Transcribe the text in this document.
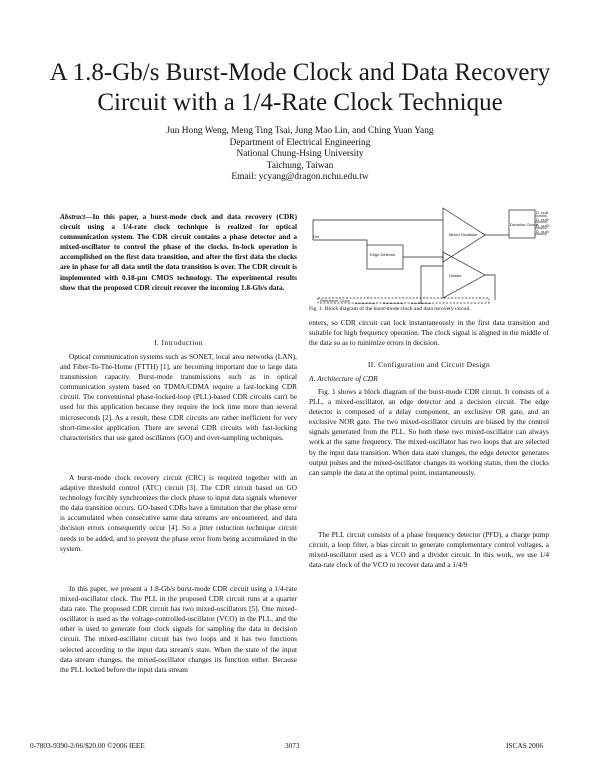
A 1.8-Gb/s Burst-Mode Clock and Data Recovery
Circuit with a 1/4-Rate Clock Technique
Jun Hong Weng, Meng Ting Tsai, Jung Mao Lin, and Ching Yuan Yang
Department of Electrical Engineering
National Chung-Hsing University
Taichung, Taiwan
Email: ycyang@dragon.nchu.edu.tw
Abstract—In this paper, a burst-mode clock and data recovery (CDR) circuit using a 1/4-rate clock technique is realized for optical communication system. The CDR circuit contains a phase detector and a mixed-oscillator to control the phase of the clocks. In-lock operation is accomplished on the first data transition, and after the first data the clocks are in phase for all data until the data transition is over. The CDR circuit is implemented with 0.18-µm CMOS technology. The experimental results show that the proposed CDR circuit recover the incoming 1.8-Gb/s data.
I. Introduction
Optical communication systems such as SONET, local area networks (LAN), and Fiber-To-The-Home (FTTH) [1], are becoming important due to large data transmission capacity. Burst-mode transmissions such as in optical communication system based on TDMA/CDMA require a fast-locking CDR circuit. The conventional phase-locked-loop (PLL)-based CDR circuits can't be used for this application because they require the lock time more than several microseconds [2]. As a result, these CDR circuits are rather inefficient for very short-time-slot application. There are several CDR circuits with fast-locking characteristics that use gated oscillators (GO) and over-sampling techniques.
A burst-mode clock recovery circuit (CRC) is required together with an adaptive threshold control (ATC) circuit [3]. The CDR circuit based on GO technology forcibly synchronizes the clock phase to input data signals whenever the data transition occurs. GO-based CDRs have a limitation that the phase error is accumulated when consecutive same data streams are encountered, and data decision errors consequently occur [4]. So a jitter reduction technique circuit needs to be added, and to prevent the phase error from being accumulated in the system.
In this paper, we present a 1.8-Gb/s burst-mode CDR circuit using a 1/4-rate mixed-oscillator clock. The PLL in the proposed CDR circuit runs at a quarter data rate. The proposed CDR circuit has two mixed-oscillators [5]. One mixed-oscillator is used as the voltage-controlled-oscillator (VCO) in the PLL, and the other is used to generate four clock signals for sampling the data in decision circuit. The mixed-oscillator circuit has two loops and it has two functions selected according to the input data stream's state. When the state of the input data stream changes, the mixed-oscillator changes its function either. Because the PLL locked before the input data stream
Din
Edge Detector
Mixed Oscillator
Decision Circuit
Reference Clock
Divider
D_out1
D_out2
D_out3
D_out4
Fig. 1. Block diagram of the burst-mode clock and data recovery circuit.
enters, so CDR circuit can lock instantaneously in the first data transition and suitable for high frequency operation. The clock signal is aligned in the middle of the data so as to minimize errors in decision.
II. Configuration and Circuit Design
A. Architecture of CDR
Fig. 1 shows a block diagram of the burst-mode CDR circuit. It consists of a PLL, a mixed-oscillator, an edge detector and a decision circuit. The edge detector is composed of a delay component, an exclusive OR gate, and an exclusive NOR gate. The two mixed-oscillator circuits are biased by the control signals generated from the PLL. So both these two mixed-oscillator can always work at the same frequency. The mixed-oscillator has two loops that are selected by the input data transition. When data state changes, the edge detector generates output pulses and the mixed-oscillator changes its working status, then the clocks can sample the data at the optimal point, instantaneously.
The PLL circuit consists of a phase frequency detector (PFD), a charge pump circuit, a loop filter, a bias circuit to generate complementary control voltages, a mixed-oscillator used as a VCO and a divider circuit. In this work, we use 1/4 data-rate clock of the VCO to recover data and a 1/4/9
0-7803-9390-2/06/$20.00 ©2006 IEEE	3073	ISCAS 2006
